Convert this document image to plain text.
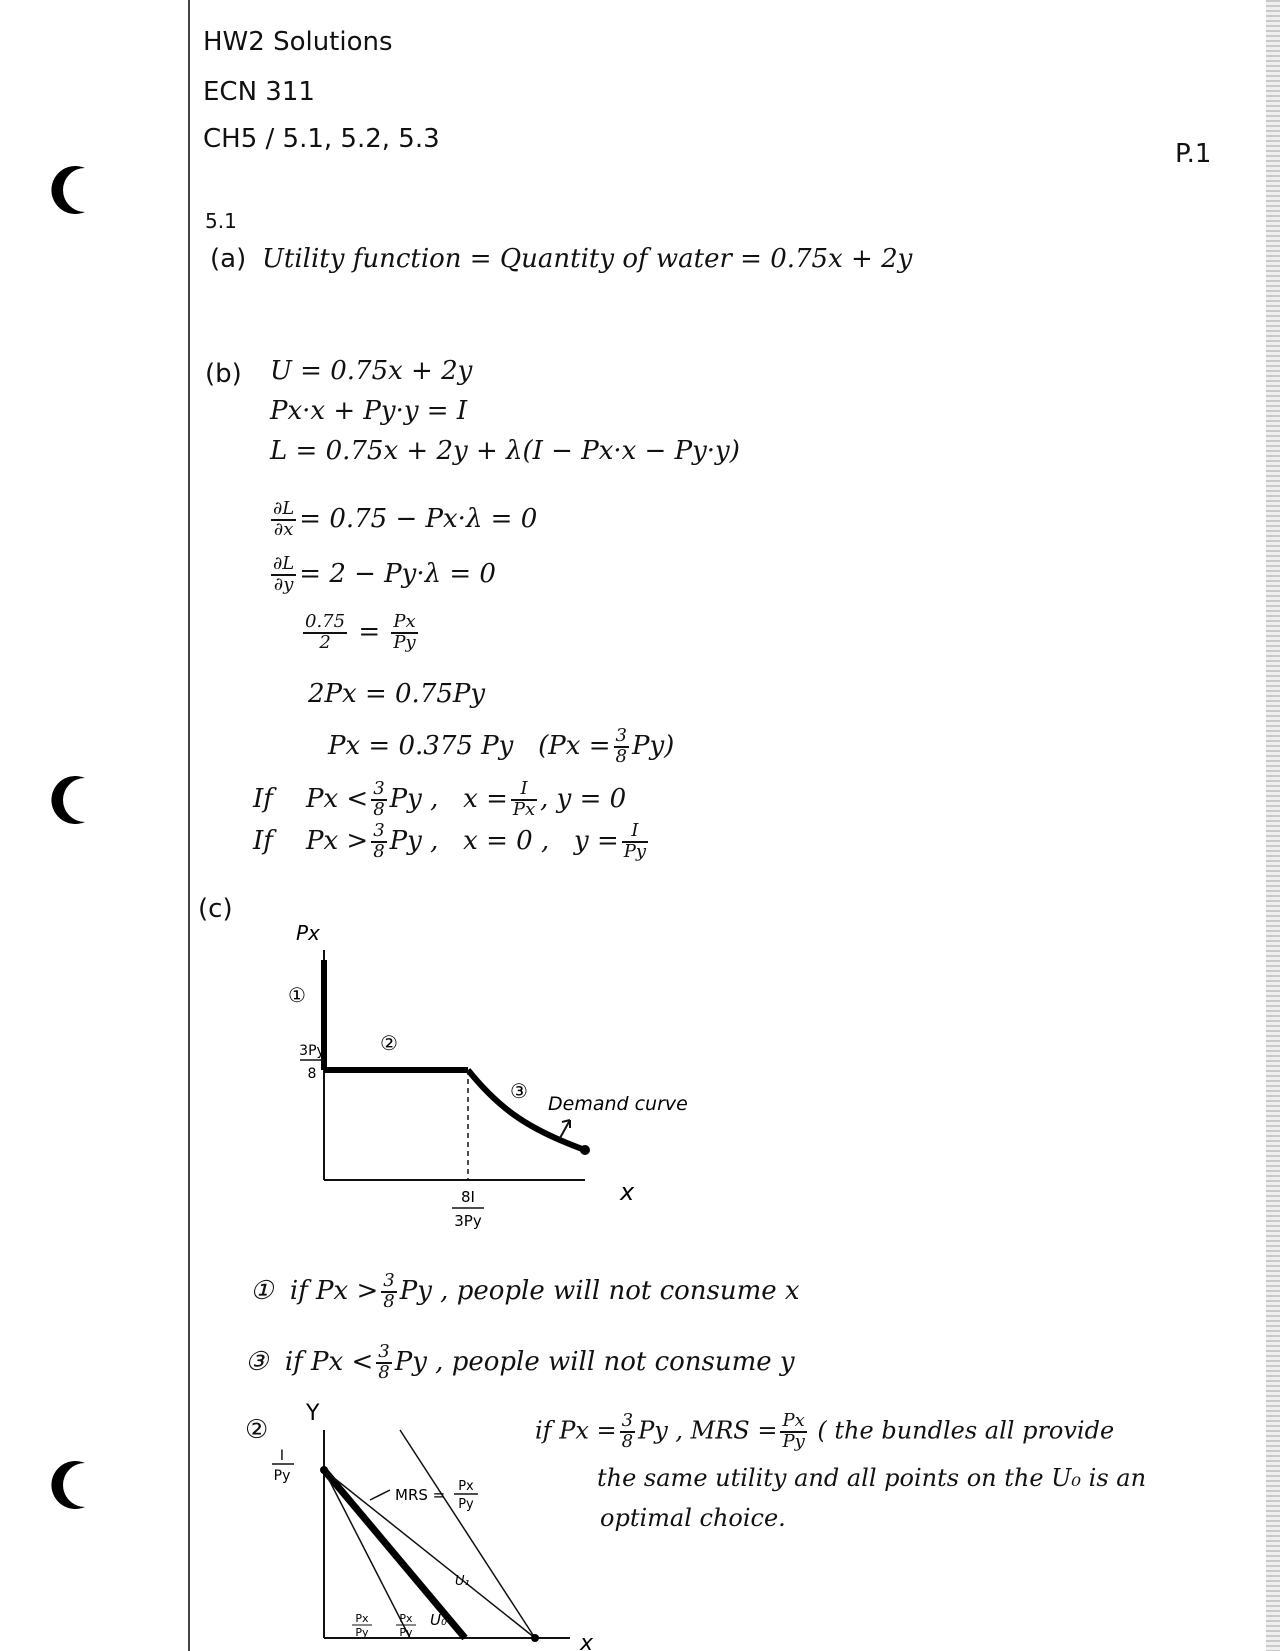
HW2 Solutions
ECN 311
CH5 / 5.1, 5.2, 5.3	P.1
5.1
(a) Utility function = Quantity of water = 0.75x + 2y
(b) U = 0.75x + 2y
Px·x + Py·y = I
L = 0.75x + 2y + λ(I − Px·x − Py·y)
$\frac{\partial L}{\partial x} = 0.75 - Px\cdot\lambda = 0$
$\frac{\partial L}{\partial y} = 2 - Py\cdot\lambda = 0$
$\frac{0.75}{2} = \frac{Px}{Py}$
2Px = 0.75Py
Px = 0.375 Py $(Px = \frac{3}{8} Py)$
If $Px < \frac{3}{8}$ Py , $x = \frac{I}{Px}$ , y = 0
If $Px > \frac{3}{8}$ Py , x = 0 , $y = \frac{I}{Py}$
(c)
Px
x
3Py
8
8I
3Py
①
②
③
Demand curve
① if $Px > \frac{3}{8}$ Py , people will not consume x
③ if $Px < \frac{3}{8}$ Py , people will not consume y
②
Y
x
I
Py
MRS = Px
Py
U₁
U₀
Px
Py
Px
Py
if $Px = \frac{3}{8}$ Py , MRS = $\frac{Px}{Py}$ ( the bundles all provide
the same utility and all points on the U₀ is an
optimal choice.
